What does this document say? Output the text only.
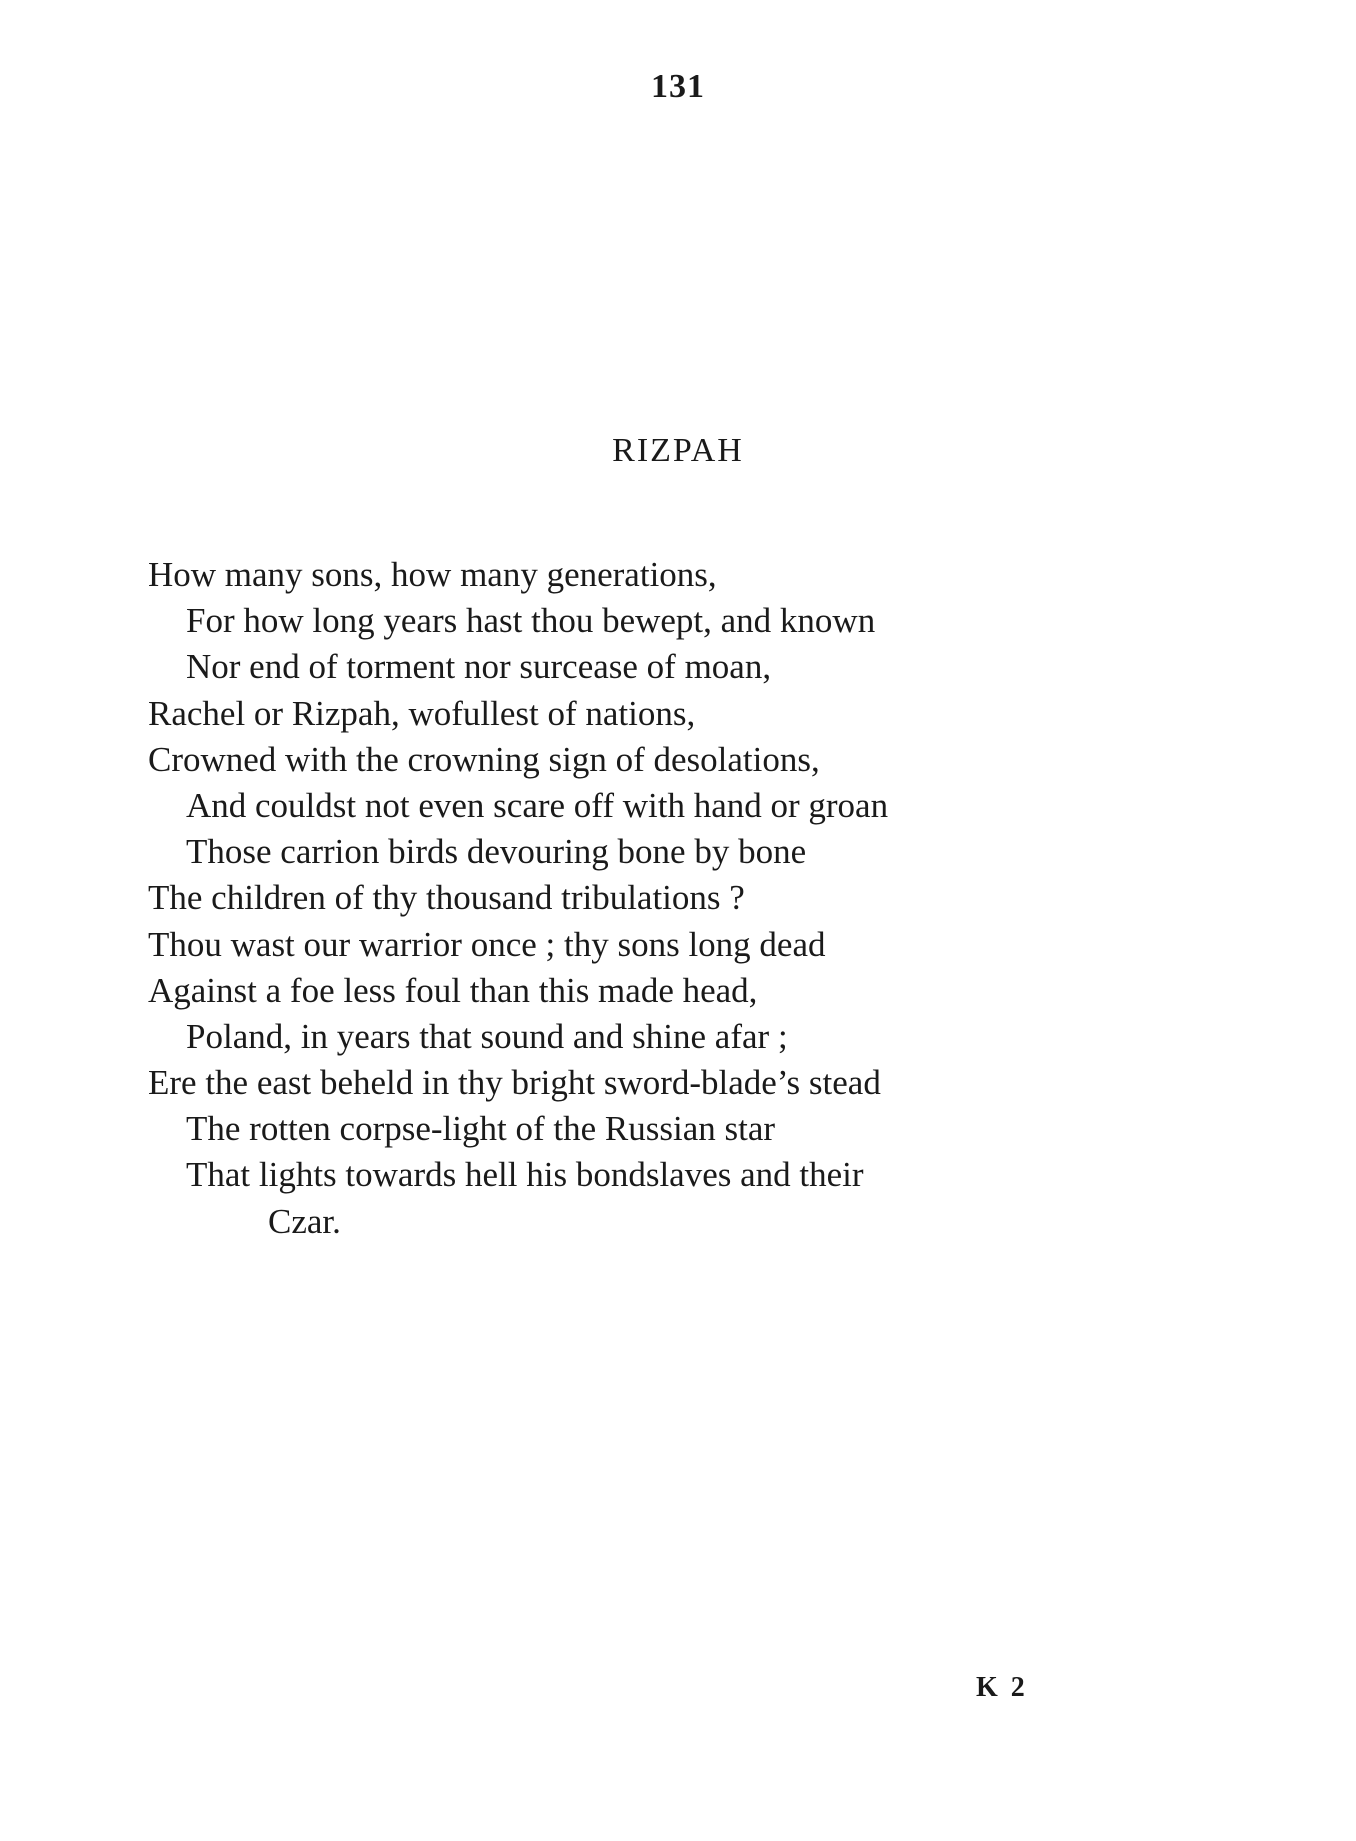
131
RIZPAH
How many sons, how many generations,
For how long years hast thou bewept, and known
Nor end of torment nor surcease of moan,
Rachel or Rizpah, wofullest of nations,
Crowned with the crowning sign of desolations,
And couldst not even scare off with hand or groan
Those carrion birds devouring bone by bone
The children of thy thousand tribulations ?
Thou wast our warrior once ; thy sons long dead
Against a foe less foul than this made head,
Poland, in years that sound and shine afar ;
Ere the east beheld in thy bright sword-blade’s stead
The rotten corpse-light of the Russian star
That lights towards hell his bondslaves and their
Czar.
K 2
